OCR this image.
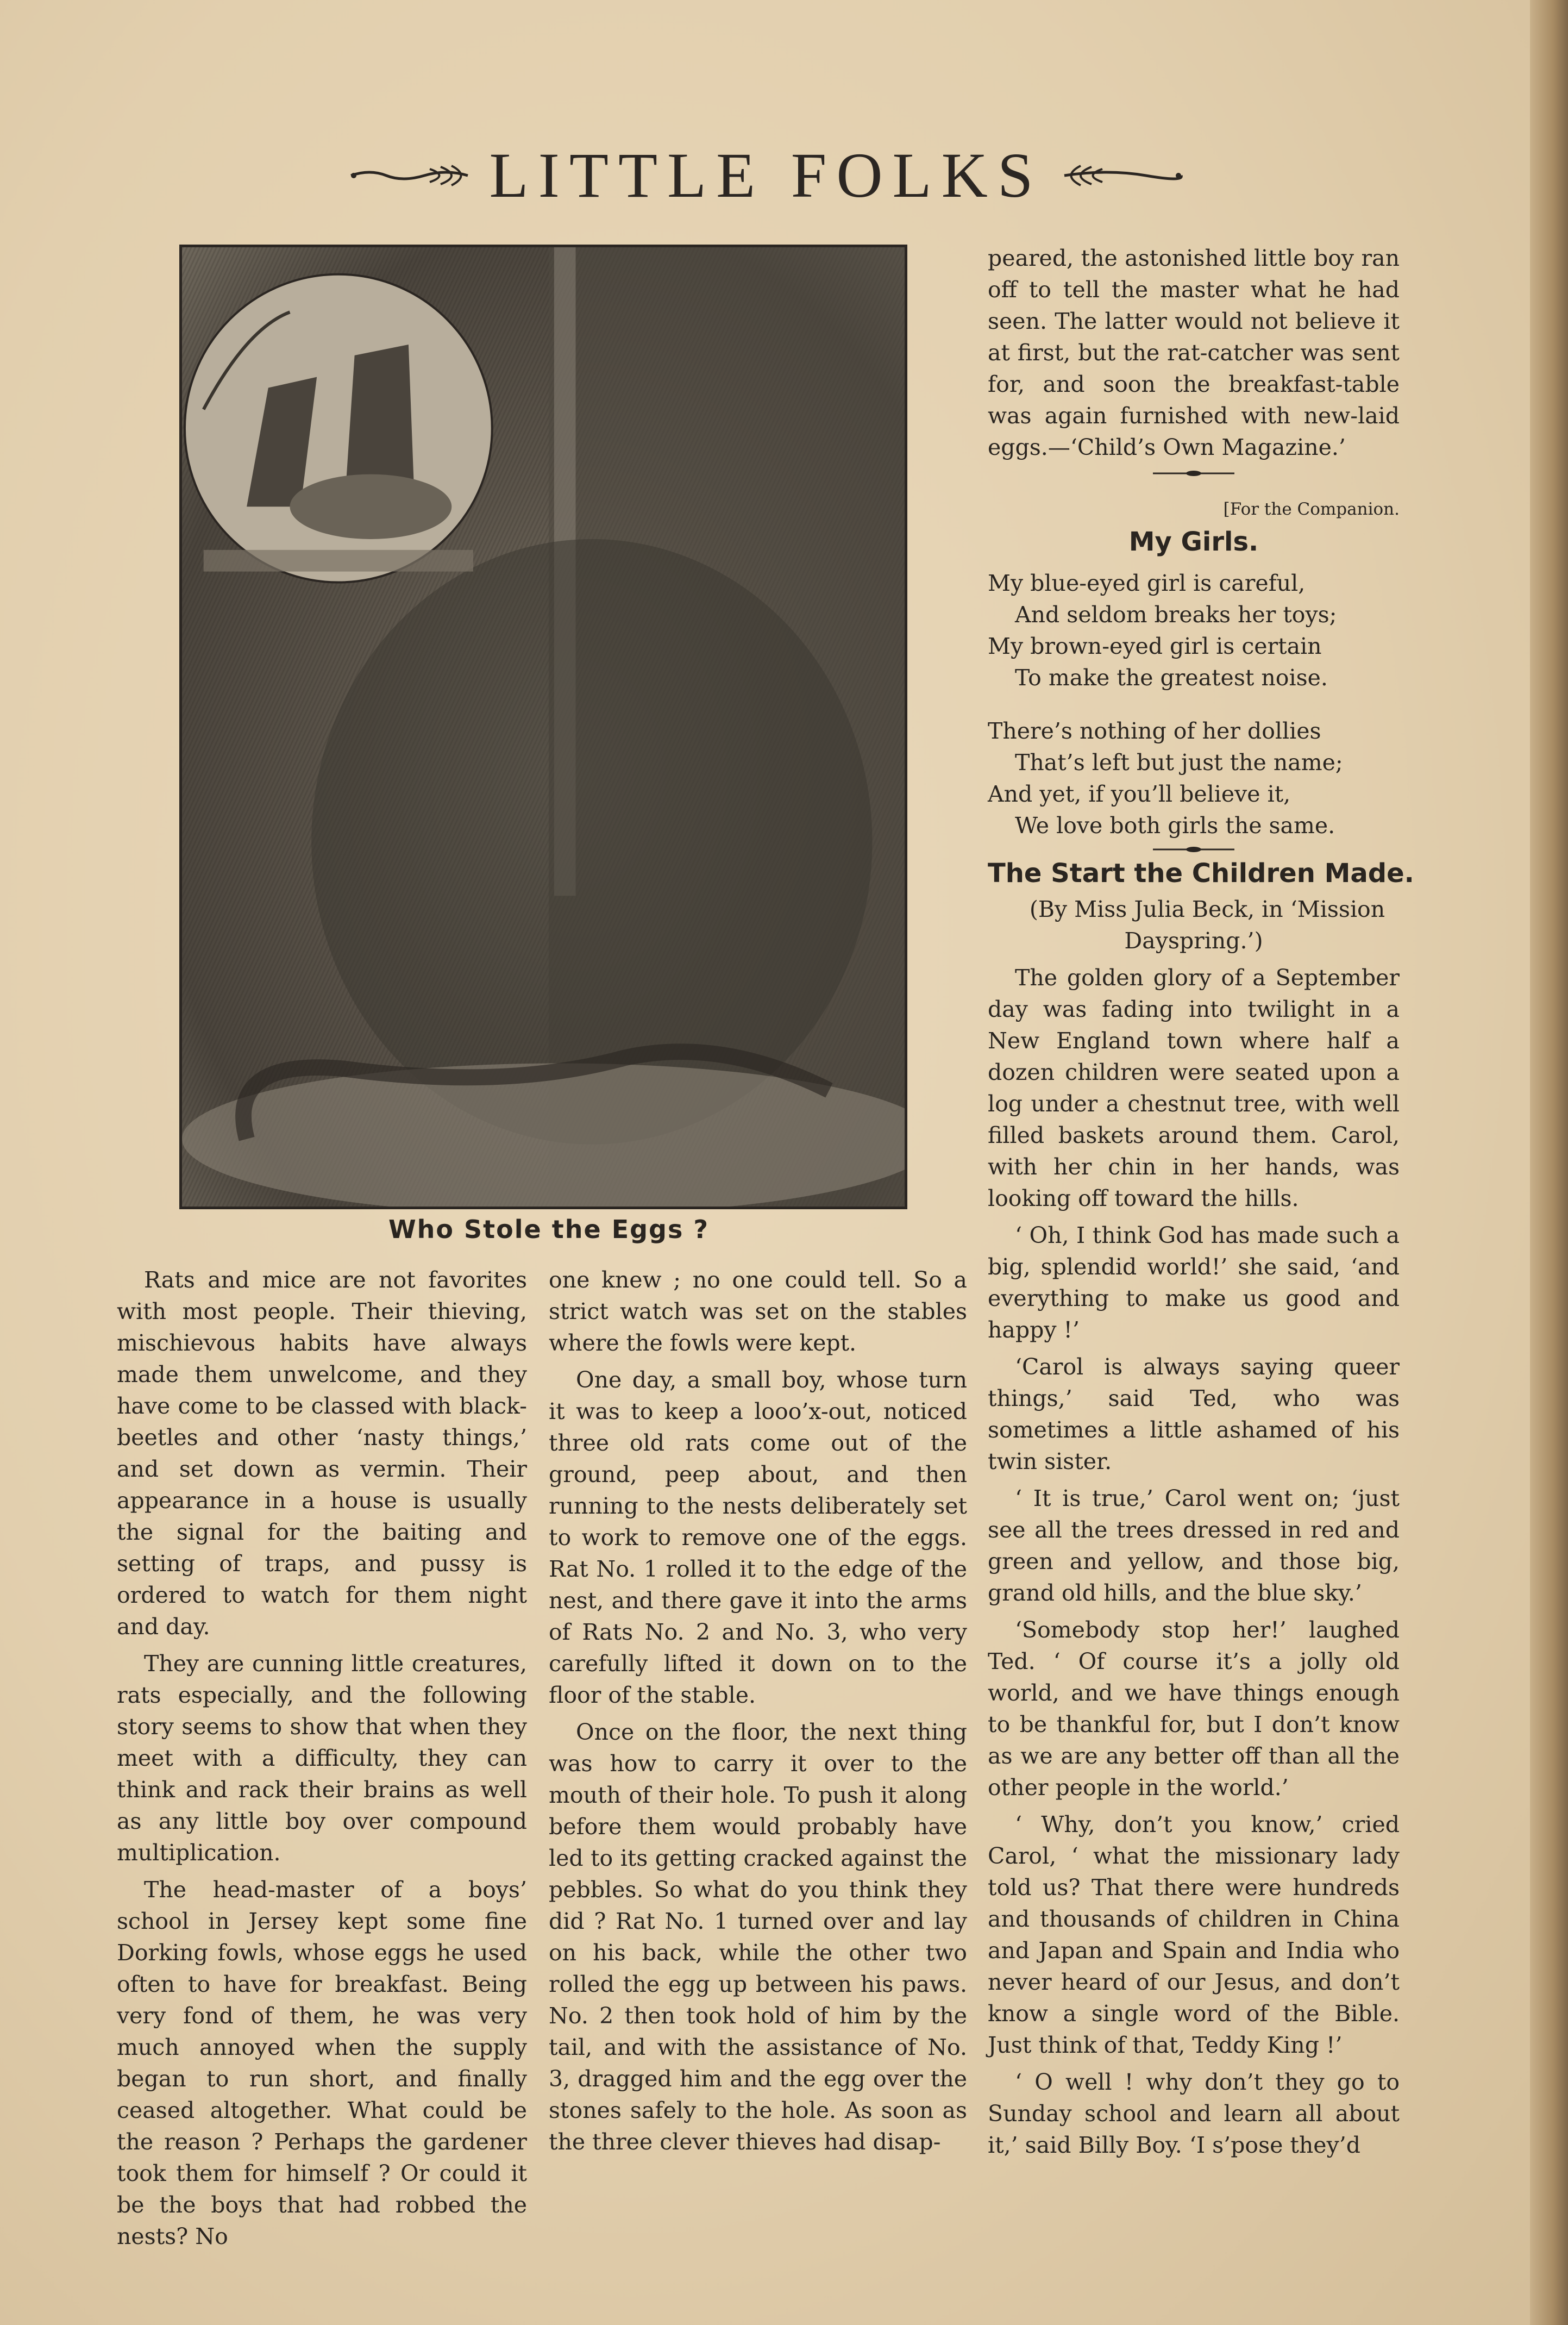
LITTLE FOLKS
Who Stole the Eggs ?

Rats and mice are not favorites with most people. Their thieving, mischievous habits have always made them unwelcome, and they have come to be classed with black-beetles and other ‘nasty things,’ and set down as vermin. Their appearance in a house is usually the signal for the baiting and setting of traps, and pussy is ordered to watch for them night and day.

They are cunning little creatures, rats especially, and the following story seems to show that when they meet with a difficulty, they can think and rack their brains as well as any little boy over compound multiplication.

The head-master of a boys’ school in Jersey kept some fine Dorking fowls, whose eggs he used often to have for breakfast. Being very fond of them, he was very much annoyed when the supply began to run short, and finally ceased altogether. What could be the reason ? Perhaps the gardener took them for himself ? Or could it be the boys that had robbed the nests? No

one knew ; no one could tell. So a strict watch was set on the stables where the fowls were kept.

One day, a small boy, whose turn it was to keep a looo’x-out, noticed three old rats come out of the ground, peep about, and then running to the nests deliberately set to work to remove one of the eggs. Rat No. 1 rolled it to the edge of the nest, and there gave it into the arms of Rats No. 2 and No. 3, who very carefully lifted it down on to the floor of the stable.

Once on the floor, the next thing was how to carry it over to the mouth of their hole. To push it along before them would probably have led to its getting cracked against the pebbles. So what do you think they did ? Rat No. 1 turned over and lay on his back, while the other two rolled the egg up between his paws. No. 2 then took hold of him by the tail, and with the assistance of No. 3, dragged him and the egg over the stones safely to the hole. As soon as the three clever thieves had disap-

peared, the astonished little boy ran off to tell the master what he had seen. The latter would not believe it at first, but the rat-catcher was sent for, and soon the breakfast-table was again furnished with new-laid eggs.—‘Child’s Own Magazine.’

[For the Companion.
My Girls.
My blue-eyed girl is careful,
And seldom breaks her toys;
My brown-eyed girl is certain
To make the greatest noise.
There’s nothing of her dollies
That’s left but just the name;
And yet, if you’ll believe it,
We love both girls the same.
The Start the Children Made.

(By Miss Julia Beck, in ‘Mission Dayspring.’)

The golden glory of a September day was fading into twilight in a New England town where half a dozen children were seated upon a log under a chestnut tree, with well filled baskets around them. Carol, with her chin in her hands, was looking off toward the hills.

‘ Oh, I think God has made such a big, splendid world!’ she said, ‘and everything to make us good and happy !’

‘Carol is always saying queer things,’ said Ted, who was sometimes a little ashamed of his twin sister.

‘ It is true,’ Carol went on; ‘just see all the trees dressed in red and green and yellow, and those big, grand old hills, and the blue sky.’

‘Somebody stop her!’ laughed Ted. ‘ Of course it’s a jolly old world, and we have things enough to be thankful for, but I don’t know as we are any better off than all the other people in the world.’

‘ Why, don’t you know,’ cried Carol, ‘ what the missionary lady told us? That there were hundreds and thousands of children in China and Japan and Spain and India who never heard of our Jesus, and don’t know a single word of the Bible. Just think of that, Teddy King !’

‘ O well ! why don’t they go to Sunday school and learn all about it,’ said Billy Boy. ‘I s’pose they’d
